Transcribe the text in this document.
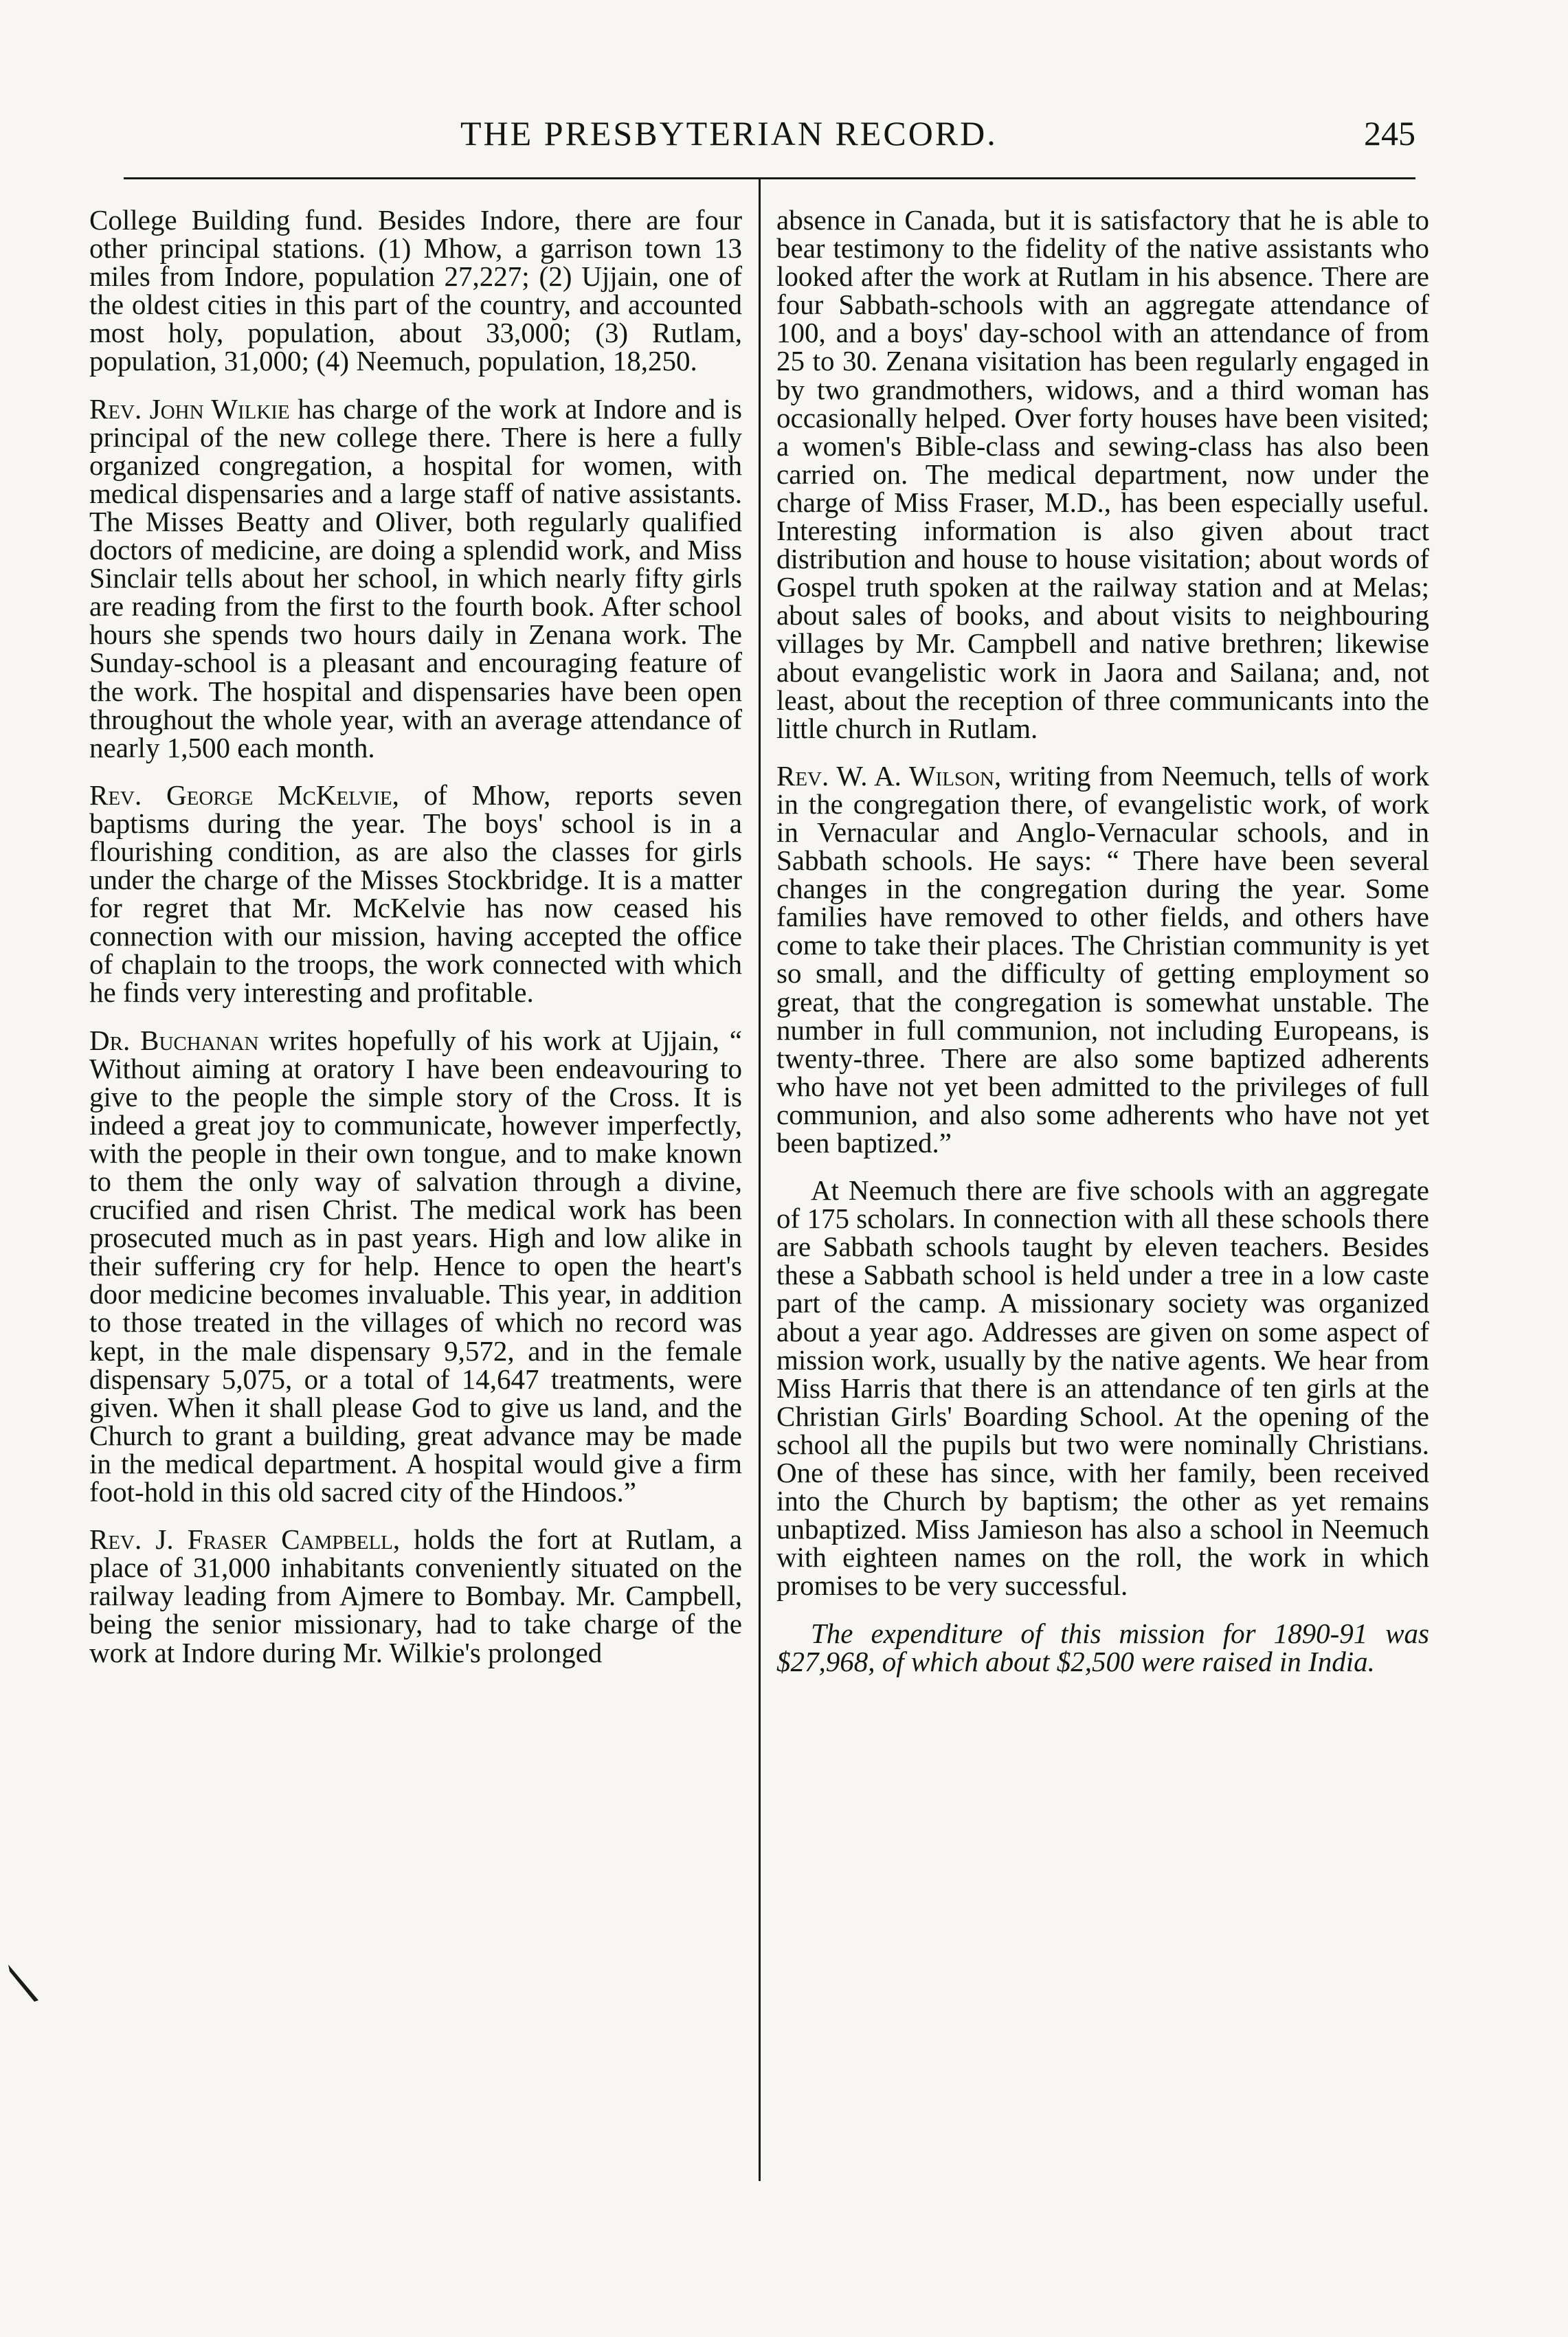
THE PRESBYTERIAN RECORD.	245

College Building fund. Besides Indore, there are four other principal stations. (1) Mhow, a garrison town 13 miles from Indore, population 27,227; (2) Ujjain, one of the oldest cities in this part of the country, and accounted most holy, population, about 33,000; (3) Rutlam, population, 31,000; (4) Neemuch, population, 18,250.

Rev. John Wilkie has charge of the work at Indore and is principal of the new college there. There is here a fully organized congregation, a hospital for women, with medical dispensaries and a large staff of native assistants. The Misses Beatty and Oliver, both regularly qualified doctors of medicine, are doing a splendid work, and Miss Sinclair tells about her school, in which nearly fifty girls are reading from the first to the fourth book. After school hours she spends two hours daily in Zenana work. The Sunday-school is a pleasant and encouraging feature of the work. The hospital and dispensaries have been open throughout the whole year, with an average attendance of nearly 1,500 each month.

Rev. George McKelvie, of Mhow, reports seven baptisms during the year. The boys' school is in a flourishing condition, as are also the classes for girls under the charge of the Misses Stockbridge. It is a matter for regret that Mr. McKelvie has now ceased his connection with our mission, having accepted the office of chaplain to the troops, the work connected with which he finds very interesting and profitable.

Dr. Buchanan writes hopefully of his work at Ujjain, “ Without aiming at oratory I have been endeavouring to give to the people the simple story of the Cross. It is indeed a great joy to communicate, however imperfectly, with the people in their own tongue, and to make known to them the only way of salvation through a divine, crucified and risen Christ. The medical work has been prosecuted much as in past years. High and low alike in their suffering cry for help. Hence to open the heart's door medicine becomes invaluable. This year, in addition to those treated in the villages of which no record was kept, in the male dispensary 9,572, and in the female dispensary 5,075, or a total of 14,647 treatments, were given. When it shall please God to give us land, and the Church to grant a building, great advance may be made in the medical department. A hospital would give a firm foot-hold in this old sacred city of the Hindoos.”

Rev. J. Fraser Campbell, holds the fort at Rutlam, a place of 31,000 inhabitants conveniently situated on the railway leading from Ajmere to Bombay. Mr. Campbell, being the senior missionary, had to take charge of the work at Indore during Mr. Wilkie's prolonged

absence in Canada, but it is satisfactory that he is able to bear testimony to the fidelity of the native assistants who looked after the work at Rutlam in his absence. There are four Sabbath-schools with an aggregate attendance of 100, and a boys' day-school with an attendance of from 25 to 30. Zenana visitation has been regularly engaged in by two grandmothers, widows, and a third woman has occasionally helped. Over forty houses have been visited; a women's Bible-class and sewing-class has also been carried on. The medical department, now under the charge of Miss Fraser, M.D., has been especially useful. Interesting information is also given about tract distribution and house to house visitation; about words of Gospel truth spoken at the railway station and at Melas; about sales of books, and about visits to neighbouring villages by Mr. Campbell and native brethren; likewise about evangelistic work in Jaora and Sailana; and, not least, about the reception of three communicants into the little church in Rutlam.

Rev. W. A. Wilson, writing from Neemuch, tells of work in the congregation there, of evangelistic work, of work in Vernacular and Anglo-Vernacular schools, and in Sabbath schools. He says: “ There have been several changes in the congregation during the year. Some families have removed to other fields, and others have come to take their places. The Christian community is yet so small, and the difficulty of getting employment so great, that the congregation is somewhat unstable. The number in full communion, not including Europeans, is twenty-three. There are also some baptized adherents who have not yet been admitted to the privileges of full communion, and also some adherents who have not yet been baptized.”

At Neemuch there are five schools with an aggregate of 175 scholars. In connection with all these schools there are Sabbath schools taught by eleven teachers. Besides these a Sabbath school is held under a tree in a low caste part of the camp. A missionary society was organized about a year ago. Addresses are given on some aspect of mission work, usually by the native agents. We hear from Miss Harris that there is an attendance of ten girls at the Christian Girls' Boarding School. At the opening of the school all the pupils but two were nominally Christians. One of these has since, with her family, been received into the Church by baptism; the other as yet remains unbaptized. Miss Jamieson has also a school in Neemuch with eighteen names on the roll, the work in which promises to be very successful.

The expenditure of this mission for 1890-91 was $27,968, of which about $2,500 were raised in India.
